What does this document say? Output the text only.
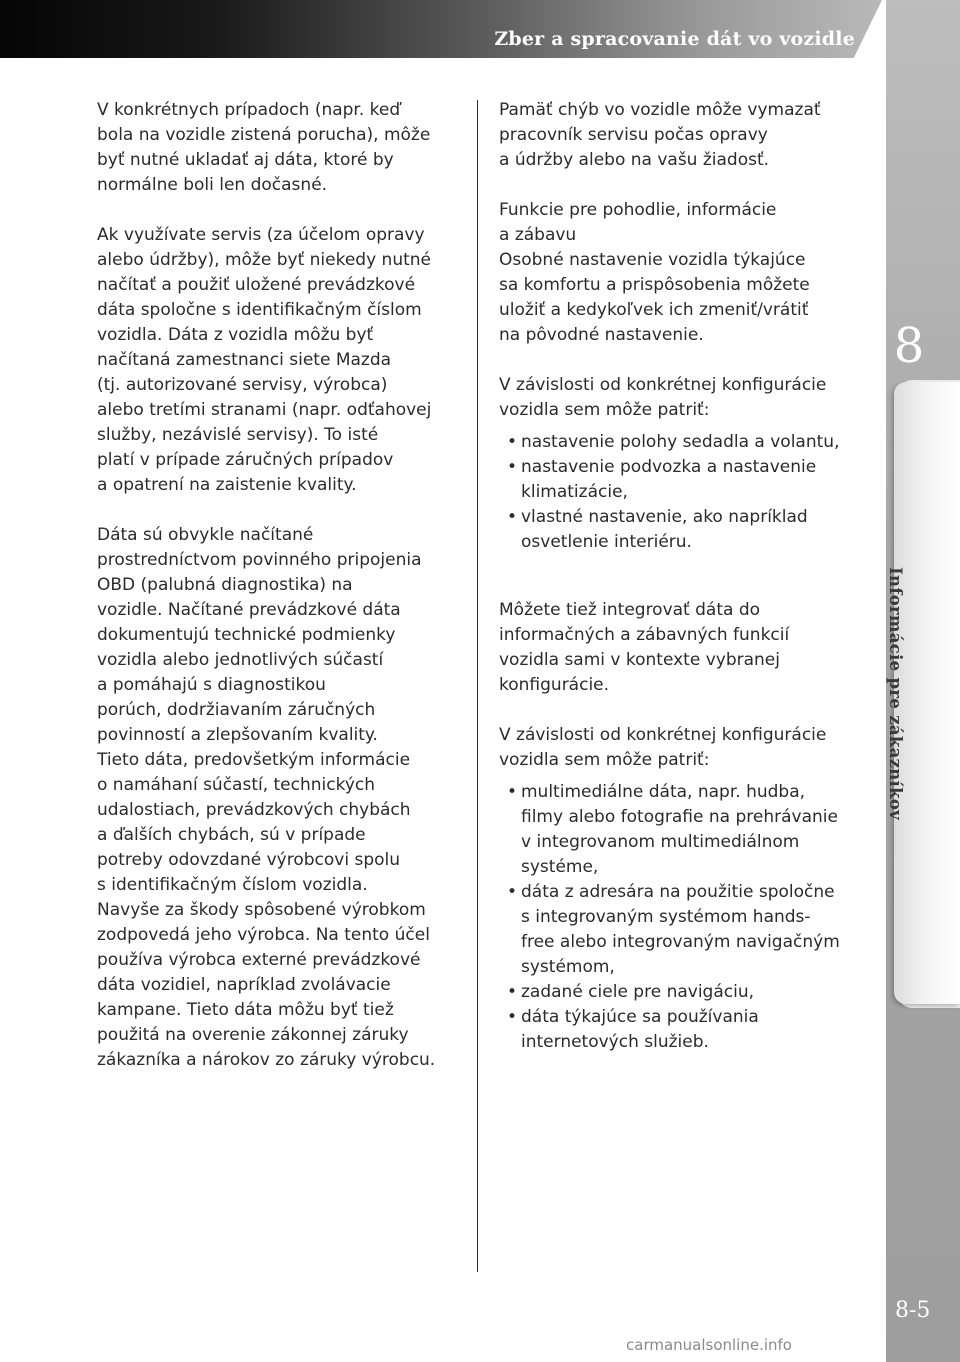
Zber a spracovanie dát vo vozidle
8
Informácie pre zákazníkov
8-5

V konkrétnych prípadoch (napr. keď
bola na vozidle zistená porucha), môže
byť nutné ukladať aj dáta, ktoré by
normálne boli len dočasné.

Ak využívate servis (za účelom opravy
alebo údržby), môže byť niekedy nutné
načítať a použiť uložené prevádzkové
dáta spoločne s identifikačným číslom
vozidla. Dáta z vozidla môžu byť
načítaná zamestnanci siete Mazda
(tj. autorizované servisy, výrobca)
alebo tretími stranami (napr. odťahovej
služby, nezávislé servisy). To isté
platí v prípade záručných prípadov
a opatrení na zaistenie kvality.

Dáta sú obvykle načítané
prostredníctvom povinného pripojenia
OBD (palubná diagnostika) na
vozidle. Načítané prevádzkové dáta
dokumentujú technické podmienky
vozidla alebo jednotlivých súčastí
a pomáhajú s diagnostikou
porúch, dodržiavaním záručných
povinností a zlepšovaním kvality.
Tieto dáta, predovšetkým informácie
o namáhaní súčastí, technických
udalostiach, prevádzkových chybách
a ďalších chybách, sú v prípade
potreby odovzdané výrobcovi spolu
s identifikačným číslom vozidla.
Navyše za škody spôsobené výrobkom
zodpovedá jeho výrobca. Na tento účel
používa výrobca externé prevádzkové
dáta vozidiel, napríklad zvolávacie
kampane. Tieto dáta môžu byť tiež
použitá na overenie zákonnej záruky
zákazníka a nárokov zo záruky výrobcu.

Pamäť chýb vo vozidle môže vymazať
pracovník servisu počas opravy
a údržby alebo na vašu žiadosť.

Funkcie pre pohodlie, informácie
a zábavu
Osobné nastavenie vozidla týkajúce
sa komfortu a prispôsobenia môžete
uložiť a kedykoľvek ich zmeniť/vrátiť
na pôvodné nastavenie.

V závislosti od konkrétnej konfigurácie
vozidla sem môže patriť:

• nastavenie polohy sedadla a volantu,
• nastavenie podvozka a nastavenie
klimatizácie,
• vlastné nastavenie, ako napríklad
osvetlenie interiéru.

Môžete tiež integrovať dáta do
informačných a zábavných funkcií
vozidla sami v kontexte vybranej
konfigurácie.

V závislosti od konkrétnej konfigurácie
vozidla sem môže patriť:

• multimediálne dáta, napr. hudba,
filmy alebo fotografie na prehrávanie
v integrovanom multimediálnom
systéme,
• dáta z adresára na použitie spoločne
s integrovaným systémom hands-
free alebo integrovaným navigačným
systémom,
• zadané ciele pre navigáciu,
• dáta týkajúce sa používania
internetových služieb.
carmanualsonline.info
